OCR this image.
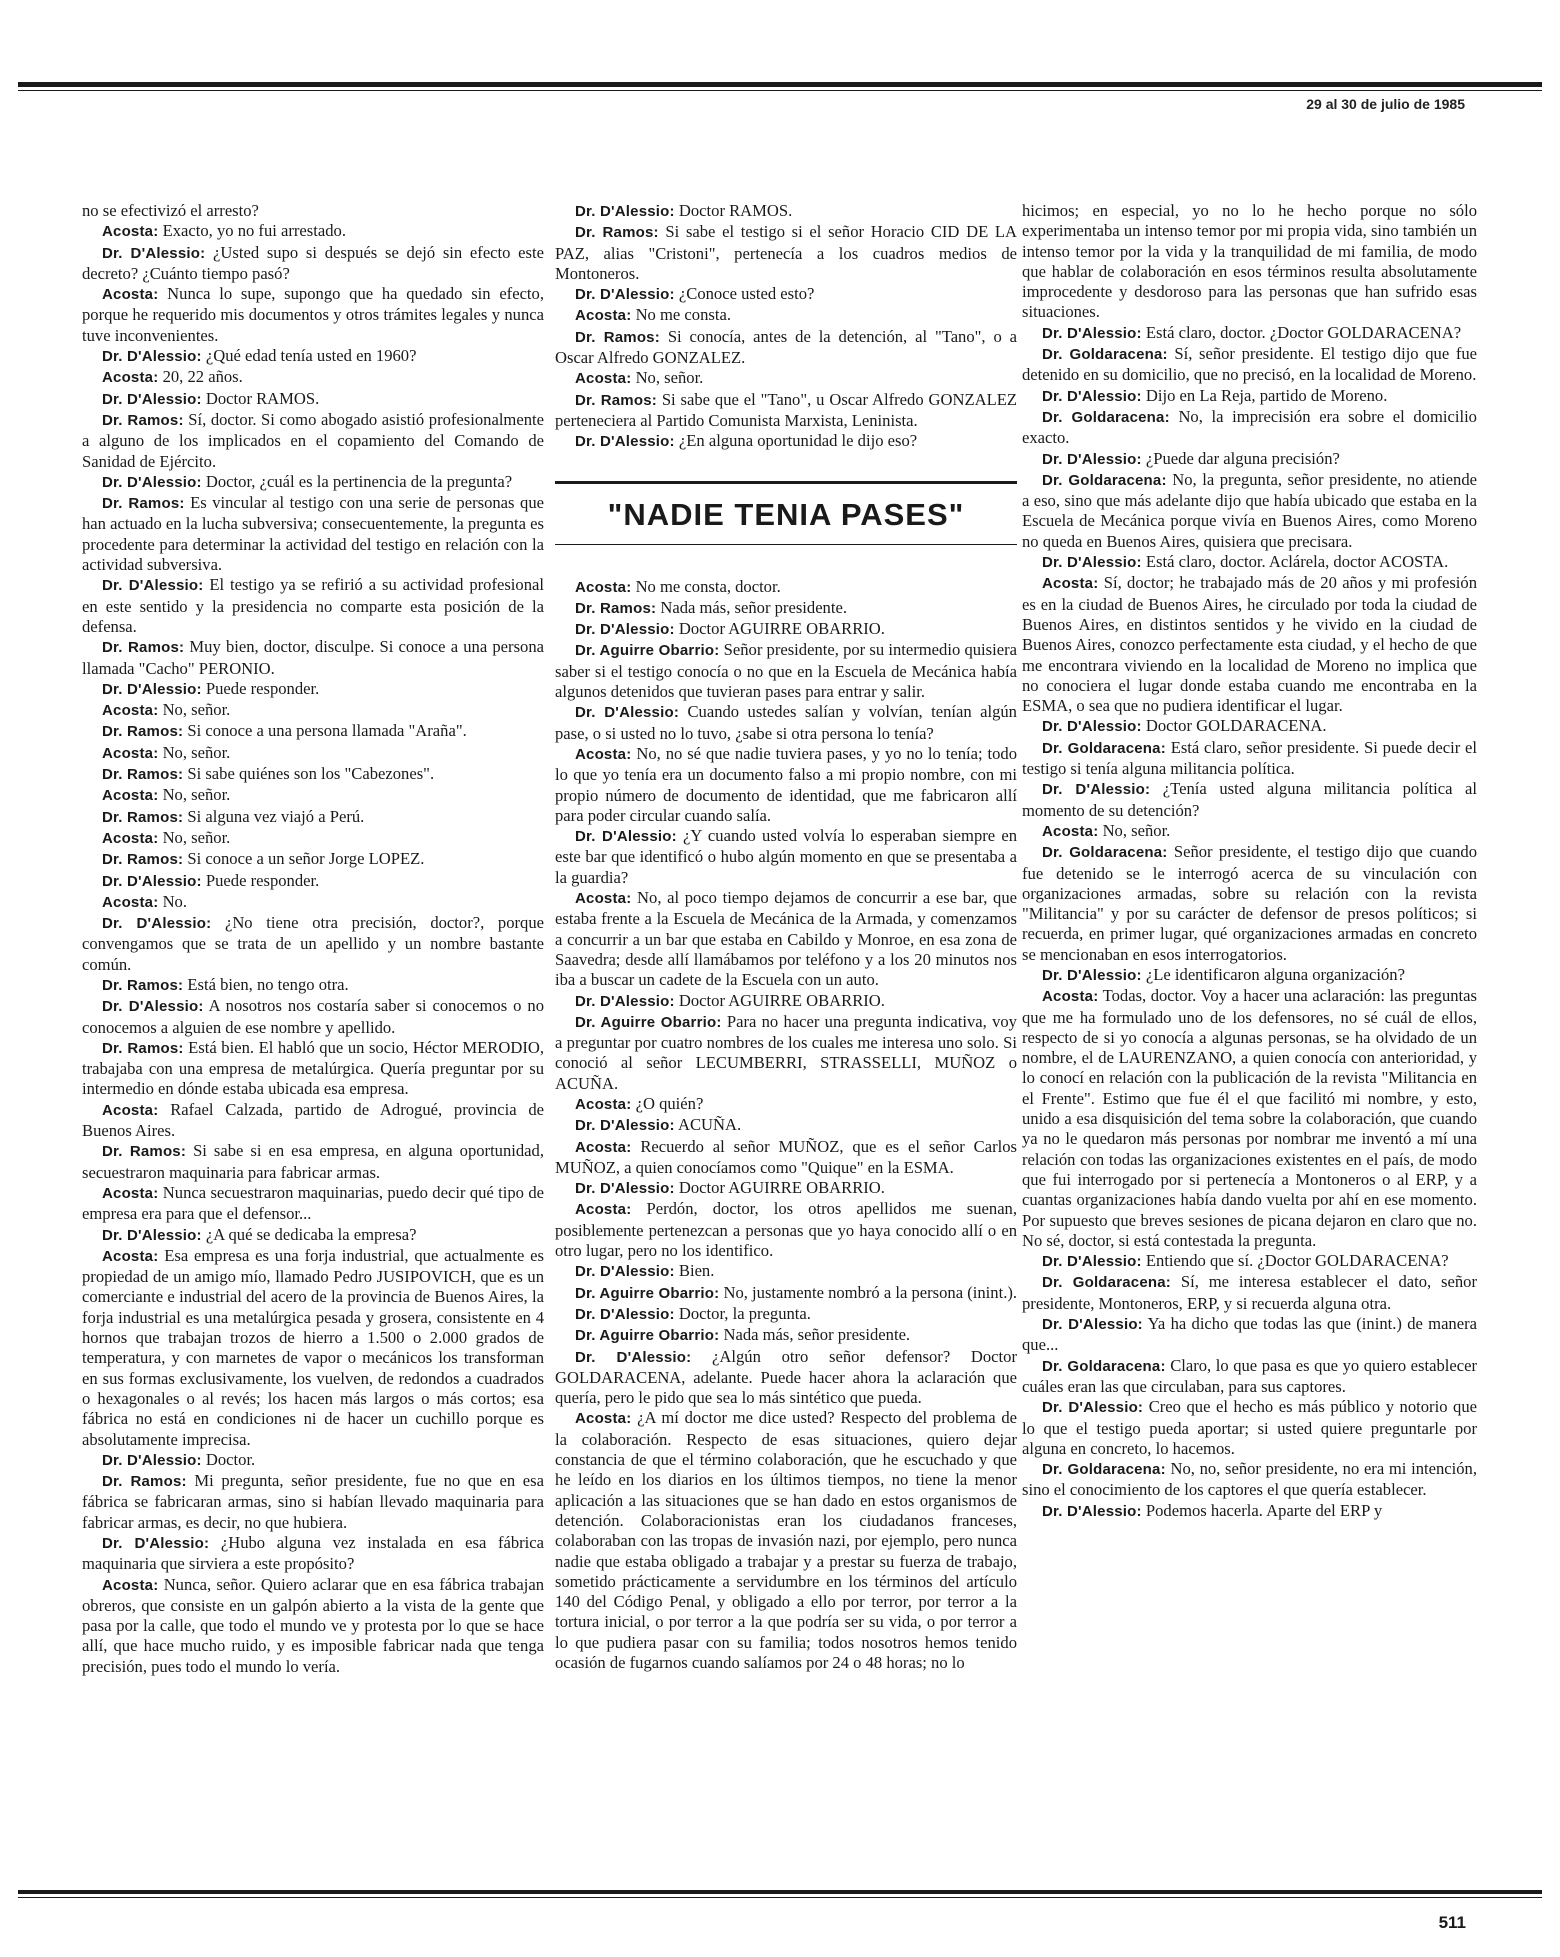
29 al 30 de julio de 1985

no se efectivizó el arresto?

Acosta: Exacto, yo no fui arrestado.

Dr. D'Alessio: ¿Usted supo si después se dejó sin efecto este decreto? ¿Cuánto tiempo pasó?

Acosta: Nunca lo supe, supongo que ha quedado sin efecto, porque he requerido mis documentos y otros trámites legales y nunca tuve inconvenientes.

Dr. D'Alessio: ¿Qué edad tenía usted en 1960?

Acosta: 20, 22 años.

Dr. D'Alessio: Doctor RAMOS.

Dr. Ramos: Sí, doctor. Si como abogado asistió profesionalmente a alguno de los implicados en el copamiento del Comando de Sanidad de Ejército.

Dr. D'Alessio: Doctor, ¿cuál es la pertinencia de la pregunta?

Dr. Ramos: Es vincular al testigo con una serie de personas que han actuado en la lucha subversiva; consecuentemente, la pregunta es procedente para determinar la actividad del testigo en relación con la actividad subversiva.

Dr. D'Alessio: El testigo ya se refirió a su actividad profesional en este sentido y la presidencia no comparte esta posición de la defensa.

Dr. Ramos: Muy bien, doctor, disculpe. Si conoce a una persona llamada "Cacho" PERONIO.

Dr. D'Alessio: Puede responder.

Acosta: No, señor.

Dr. Ramos: Si conoce a una persona llamada "Araña".

Acosta: No, señor.

Dr. Ramos: Si sabe quiénes son los "Cabezones".

Acosta: No, señor.

Dr. Ramos: Si alguna vez viajó a Perú.

Acosta: No, señor.

Dr. Ramos: Si conoce a un señor Jorge LOPEZ.

Dr. D'Alessio: Puede responder.

Acosta: No.

Dr. D'Alessio: ¿No tiene otra precisión, doctor?, porque convengamos que se trata de un apellido y un nombre bastante común.

Dr. Ramos: Está bien, no tengo otra.

Dr. D'Alessio: A nosotros nos costaría saber si conocemos o no conocemos a alguien de ese nombre y apellido.

Dr. Ramos: Está bien. El habló que un socio, Héctor MERODIO, trabajaba con una empresa de metalúrgica. Quería preguntar por su intermedio en dónde estaba ubicada esa empresa.

Acosta: Rafael Calzada, partido de Adrogué, provincia de Buenos Aires.

Dr. Ramos: Si sabe si en esa empresa, en alguna oportunidad, secuestraron maquinaria para fabricar armas.

Acosta: Nunca secuestraron maquinarias, puedo decir qué tipo de empresa era para que el defensor...

Dr. D'Alessio: ¿A qué se dedicaba la empresa?

Acosta: Esa empresa es una forja industrial, que actualmente es propiedad de un amigo mío, llamado Pedro JUSIPOVICH, que es un comerciante e industrial del acero de la provincia de Buenos Aires, la forja industrial es una metalúrgica pesada y grosera, consistente en 4 hornos que trabajan trozos de hierro a 1.500 o 2.000 grados de temperatura, y con marnetes de vapor o mecánicos los transforman en sus formas exclusivamente, los vuelven, de redondos a cuadrados o hexagonales o al revés; los hacen más largos o más cortos; esa fábrica no está en condiciones ni de hacer un cuchillo porque es absolutamente imprecisa.

Dr. D'Alessio: Doctor.

Dr. Ramos: Mi pregunta, señor presidente, fue no que en esa fábrica se fabricaran armas, sino si habían llevado maquinaria para fabricar armas, es decir, no que hubiera.

Dr. D'Alessio: ¿Hubo alguna vez instalada en esa fábrica maquinaria que sirviera a este propósito?

Acosta: Nunca, señor. Quiero aclarar que en esa fábrica trabajan obreros, que consiste en un galpón abierto a la vista de la gente que pasa por la calle, que todo el mundo ve y protesta por lo que se hace allí, que hace mucho ruido, y es imposible fabricar nada que tenga precisión, pues todo el mundo lo vería.

Dr. D'Alessio: Doctor RAMOS.

Dr. Ramos: Si sabe el testigo si el señor Horacio CID DE LA PAZ, alias "Cristoni", pertenecía a los cuadros medios de Montoneros.

Dr. D'Alessio: ¿Conoce usted esto?

Acosta: No me consta.

Dr. Ramos: Si conocía, antes de la detención, al "Tano", o a Oscar Alfredo GONZALEZ.

Acosta: No, señor.

Dr. Ramos: Si sabe que el "Tano", u Oscar Alfredo GONZALEZ perteneciera al Partido Comunista Marxista, Leninista.

Dr. D'Alessio: ¿En alguna oportunidad le dijo eso?

"NADIE TENIA PASES"

Acosta: No me consta, doctor.

Dr. Ramos: Nada más, señor presidente.

Dr. D'Alessio: Doctor AGUIRRE OBARRIO.

Dr. Aguirre Obarrio: Señor presidente, por su intermedio quisiera saber si el testigo conocía o no que en la Escuela de Mecánica había algunos detenidos que tuvieran pases para entrar y salir.

Dr. D'Alessio: Cuando ustedes salían y volvían, tenían algún pase, o si usted no lo tuvo, ¿sabe si otra persona lo tenía?

Acosta: No, no sé que nadie tuviera pases, y yo no lo tenía; todo lo que yo tenía era un documento falso a mi propio nombre, con mi propio número de documento de identidad, que me fabricaron allí para poder circular cuando salía.

Dr. D'Alessio: ¿Y cuando usted volvía lo esperaban siempre en este bar que identificó o hubo algún momento en que se presentaba a la guardia?

Acosta: No, al poco tiempo dejamos de concurrir a ese bar, que estaba frente a la Escuela de Mecánica de la Armada, y comenzamos a concurrir a un bar que estaba en Cabildo y Monroe, en esa zona de Saavedra; desde allí llamábamos por teléfono y a los 20 minutos nos iba a buscar un cadete de la Escuela con un auto.

Dr. D'Alessio: Doctor AGUIRRE OBARRIO.

Dr. Aguirre Obarrio: Para no hacer una pregunta indicativa, voy a preguntar por cuatro nombres de los cuales me interesa uno solo. Si conoció al señor LECUMBERRI, STRASSELLI, MUÑOZ o ACUÑA.

Acosta: ¿O quién?

Dr. D'Alessio: ACUÑA.

Acosta: Recuerdo al señor MUÑOZ, que es el señor Carlos MUÑOZ, a quien conocíamos como "Quique" en la ESMA.

Dr. D'Alessio: Doctor AGUIRRE OBARRIO.

Acosta: Perdón, doctor, los otros apellidos me suenan, posiblemente pertenezcan a personas que yo haya conocido allí o en otro lugar, pero no los identifico.

Dr. D'Alessio: Bien.

Dr. Aguirre Obarrio: No, justamente nombró a la persona (inint.).

Dr. D'Alessio: Doctor, la pregunta.

Dr. Aguirre Obarrio: Nada más, señor presidente.

Dr. D'Alessio: ¿Algún otro señor defensor? Doctor GOLDARACENA, adelante. Puede hacer ahora la aclaración que quería, pero le pido que sea lo más sintético que pueda.

Acosta: ¿A mí doctor me dice usted? Respecto del problema de la colaboración. Respecto de esas situaciones, quiero dejar constancia de que el término colaboración, que he escuchado y que he leído en los diarios en los últimos tiempos, no tiene la menor aplicación a las situaciones que se han dado en estos organismos de detención. Colaboracionistas eran los ciudadanos franceses, colaboraban con las tropas de invasión nazi, por ejemplo, pero nunca nadie que estaba obligado a trabajar y a prestar su fuerza de trabajo, sometido prácticamente a servidumbre en los términos del artículo 140 del Código Penal, y obligado a ello por terror, por terror a la tortura inicial, o por terror a la que podría ser su vida, o por terror a lo que pudiera pasar con su familia; todos nosotros hemos tenido ocasión de fugarnos cuando salíamos por 24 o 48 horas; no lo

hicimos; en especial, yo no lo he hecho porque no sólo experimentaba un intenso temor por mi propia vida, sino también un intenso temor por la vida y la tranquilidad de mi familia, de modo que hablar de colaboración en esos términos resulta absolutamente improcedente y desdoroso para las personas que han sufrido esas situaciones.

Dr. D'Alessio: Está claro, doctor. ¿Doctor GOLDARACENA?

Dr. Goldaracena: Sí, señor presidente. El testigo dijo que fue detenido en su domicilio, que no precisó, en la localidad de Moreno.

Dr. D'Alessio: Dijo en La Reja, partido de Moreno.

Dr. Goldaracena: No, la imprecisión era sobre el domicilio exacto.

Dr. D'Alessio: ¿Puede dar alguna precisión?

Dr. Goldaracena: No, la pregunta, señor presidente, no atiende a eso, sino que más adelante dijo que había ubicado que estaba en la Escuela de Mecánica porque vivía en Buenos Aires, como Moreno no queda en Buenos Aires, quisiera que precisara.

Dr. D'Alessio: Está claro, doctor. Aclárela, doctor ACOSTA.

Acosta: Sí, doctor; he trabajado más de 20 años y mi profesión es en la ciudad de Buenos Aires, he circulado por toda la ciudad de Buenos Aires, en distintos sentidos y he vivido en la ciudad de Buenos Aires, conozco perfectamente esta ciudad, y el hecho de que me encontrara viviendo en la localidad de Moreno no implica que no conociera el lugar donde estaba cuando me encontraba en la ESMA, o sea que no pudiera identificar el lugar.

Dr. D'Alessio: Doctor GOLDARACENA.

Dr. Goldaracena: Está claro, señor presidente. Si puede decir el testigo si tenía alguna militancia política.

Dr. D'Alessio: ¿Tenía usted alguna militancia política al momento de su detención?

Acosta: No, señor.

Dr. Goldaracena: Señor presidente, el testigo dijo que cuando fue detenido se le interrogó acerca de su vinculación con organizaciones armadas, sobre su relación con la revista "Militancia" y por su carácter de defensor de presos políticos; si recuerda, en primer lugar, qué organizaciones armadas en concreto se mencionaban en esos interrogatorios.

Dr. D'Alessio: ¿Le identificaron alguna organización?

Acosta: Todas, doctor. Voy a hacer una aclaración: las preguntas que me ha formulado uno de los defensores, no sé cuál de ellos, respecto de si yo conocía a algunas personas, se ha olvidado de un nombre, el de LAURENZANO, a quien conocía con anterioridad, y lo conocí en relación con la publicación de la revista "Militancia en el Frente". Estimo que fue él el que facilitó mi nombre, y esto, unido a esa disquisición del tema sobre la colaboración, que cuando ya no le quedaron más personas por nombrar me inventó a mí una relación con todas las organizaciones existentes en el país, de modo que fui interrogado por si pertenecía a Montoneros o al ERP, y a cuantas organizaciones había dando vuelta por ahí en ese momento. Por supuesto que breves sesiones de picana dejaron en claro que no. No sé, doctor, si está contestada la pregunta.

Dr. D'Alessio: Entiendo que sí. ¿Doctor GOLDARACENA?

Dr. Goldaracena: Sí, me interesa establecer el dato, señor presidente, Montoneros, ERP, y si recuerda alguna otra.

Dr. D'Alessio: Ya ha dicho que todas las que (inint.) de manera que...

Dr. Goldaracena: Claro, lo que pasa es que yo quiero establecer cuáles eran las que circulaban, para sus captores.

Dr. D'Alessio: Creo que el hecho es más público y notorio que lo que el testigo pueda aportar; si usted quiere preguntarle por alguna en concreto, lo hacemos.

Dr. Goldaracena: No, no, señor presidente, no era mi intención, sino el conocimiento de los captores el que quería establecer.

Dr. D'Alessio: Podemos hacerla. Aparte del ERP y

511
